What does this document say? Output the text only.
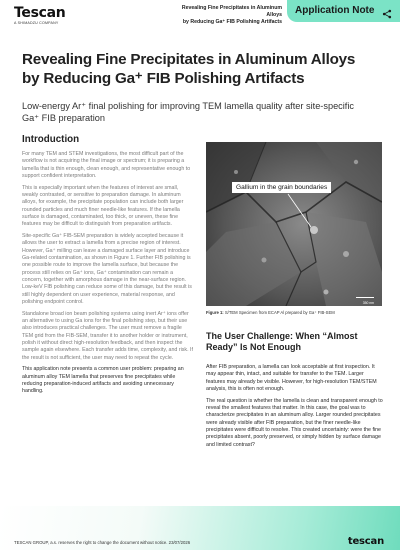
Tescan
A SHIMADZU COMPANY
Revealing Fine Precipitates in Aluminum Alloys
by Reducing Ga⁺ FIB Polishing Artifacts
Application Note
Revealing Fine Precipitates in Aluminum Alloys
by Reducing Ga⁺ FIB Polishing Artifacts
Low-energy Ar⁺ final polishing for improving TEM lamella quality after site-specific Ga⁺ FIB preparation
Introduction

For many TEM and STEM investigations, the most difficult part of the workflow is not acquiring the final image or spectrum; it is preparing a lamella that is thin enough, clean enough, and representative enough to support confident interpretation.

This is especially important when the features of interest are small, weakly contrasted, or sensitive to preparation damage. In aluminum alloys, for example, the precipitate population can include both larger rounded particles and much finer needle-like features. If the lamella surface is damaged, contaminated, too thick, or uneven, these fine features may be difficult to distinguish from preparation artifacts.

Site-specific Ga⁺ FIB-SEM preparation is widely accepted because it allows the user to extract a lamella from a precise region of interest. However, Ga⁺ milling can leave a damaged surface layer and introduce Ga-related contamination, as shown in Figure 1. Further FIB polishing is one possible route to improve the lamella surface, but because the process still relies on Ga⁺ ions, Ga⁺ contamination can remain a concern, together with amorphous damage in the near-surface region. Low-keV FIB polishing can reduce some of this damage, but the result is still highly dependent on user experience, material response, and polishing endpoint control.

Standalone broad ion beam polishing systems using inert Ar⁺ ions offer an alternative to using Ga ions for the final polishing step, but their use also introduces practical challenges. The user must remove a fragile TEM grid from the FIB-SEM, transfer it to another holder or instrument, polish it without direct high-resolution feedback, and then inspect the sample again elsewhere. Each transfer adds time, complexity, and risk. If the result is not sufficient, the user may need to repeat the cycle.

This application note presents a common user problem: preparing an aluminum alloy TEM lamella that preserves fine precipitates while reducing preparation-induced artifacts and avoiding unnecessary handling.

Gallium in the grain boundaries
350 nm
Figure 1: S/TEM Specimen from ECAP Al prepared by Ga⁺ FIB-SEM
The User Challenge: When “Almost Ready” Is Not Enough

After FIB preparation, a lamella can look acceptable at first inspection. It may appear thin, intact, and suitable for transfer to the TEM. Larger features may already be visible. However, for high-resolution TEM/STEM analysis, this is often not enough.

The real question is whether the lamella is clean and transparent enough to reveal the smallest features that matter. In this case, the goal was to characterize precipitates in an aluminum alloy. Larger rounded precipitates were already visible after FIB preparation, but the finer needle-like precipitates were difficult to resolve. This created uncertainty: were the fine precipitates absent, poorly preserved, or simply hidden by surface damage and limited contrast?

TESCAN GROUP, a.s. reserves the right to change the document without notice. 23/07/2026	tescan
